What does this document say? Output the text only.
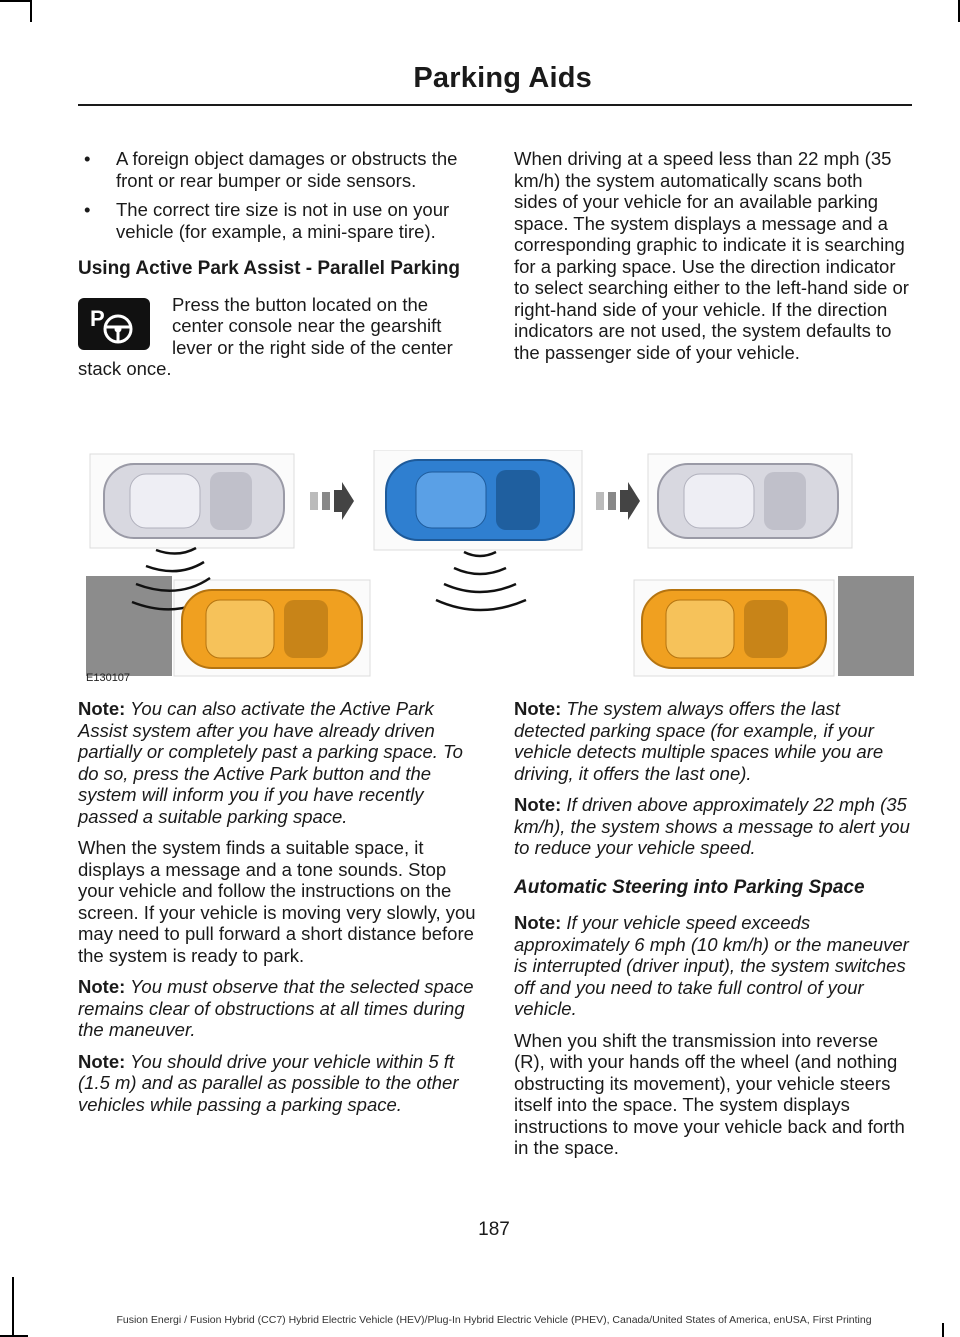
Parking Aids
•	A foreign object damages or obstructs the front or rear bumper or side sensors.
•	The correct tire size is not in use on your vehicle (for example, a mini-spare tire).
Using Active Park Assist - Parallel Parking
P
Press the button located on the center console near the gearshift lever or the right side of the center stack once.

When driving at a speed less than 22 mph (35 km/h) the system automatically scans both sides of your vehicle for an available parking space. The system displays a message and a corresponding graphic to indicate it is searching for a parking space. Use the direction indicator to select searching either to the left-hand side or right-hand side of your vehicle. If the direction indicators are not used, the system defaults to the passenger side of your vehicle.

E130107

Note: You can also activate the Active Park Assist system after you have already driven partially or completely past a parking space. To do so, press the Active Park button and the system will inform you if you have recently passed a suitable parking space.

When the system finds a suitable space, it displays a message and a tone sounds. Stop your vehicle and follow the instructions on the screen. If your vehicle is moving very slowly, you may need to pull forward a short distance before the system is ready to park.

Note: You must observe that the selected space remains clear of obstructions at all times during the maneuver.

Note: You should drive your vehicle within 5 ft (1.5 m) and as parallel as possible to the other vehicles while passing a parking space.

Note: The system always offers the last detected parking space (for example, if your vehicle detects multiple spaces while you are driving, it offers the last one).

Note: If driven above approximately 22 mph (35 km/h), the system shows a message to alert you to reduce your vehicle speed.

Automatic Steering into Parking Space

Note: If your vehicle speed exceeds approximately 6 mph (10 km/h) or the maneuver is interrupted (driver input), the system switches off and you need to take full control of your vehicle.

When you shift the transmission into reverse (R), with your hands off the wheel (and nothing obstructing its movement), your vehicle steers itself into the space. The system displays instructions to move your vehicle back and forth in the space.

187
Fusion Energi / Fusion Hybrid (CC7) Hybrid Electric Vehicle (HEV)/Plug-In Hybrid Electric Vehicle (PHEV), Canada/United States of America, enUSA, First Printing
